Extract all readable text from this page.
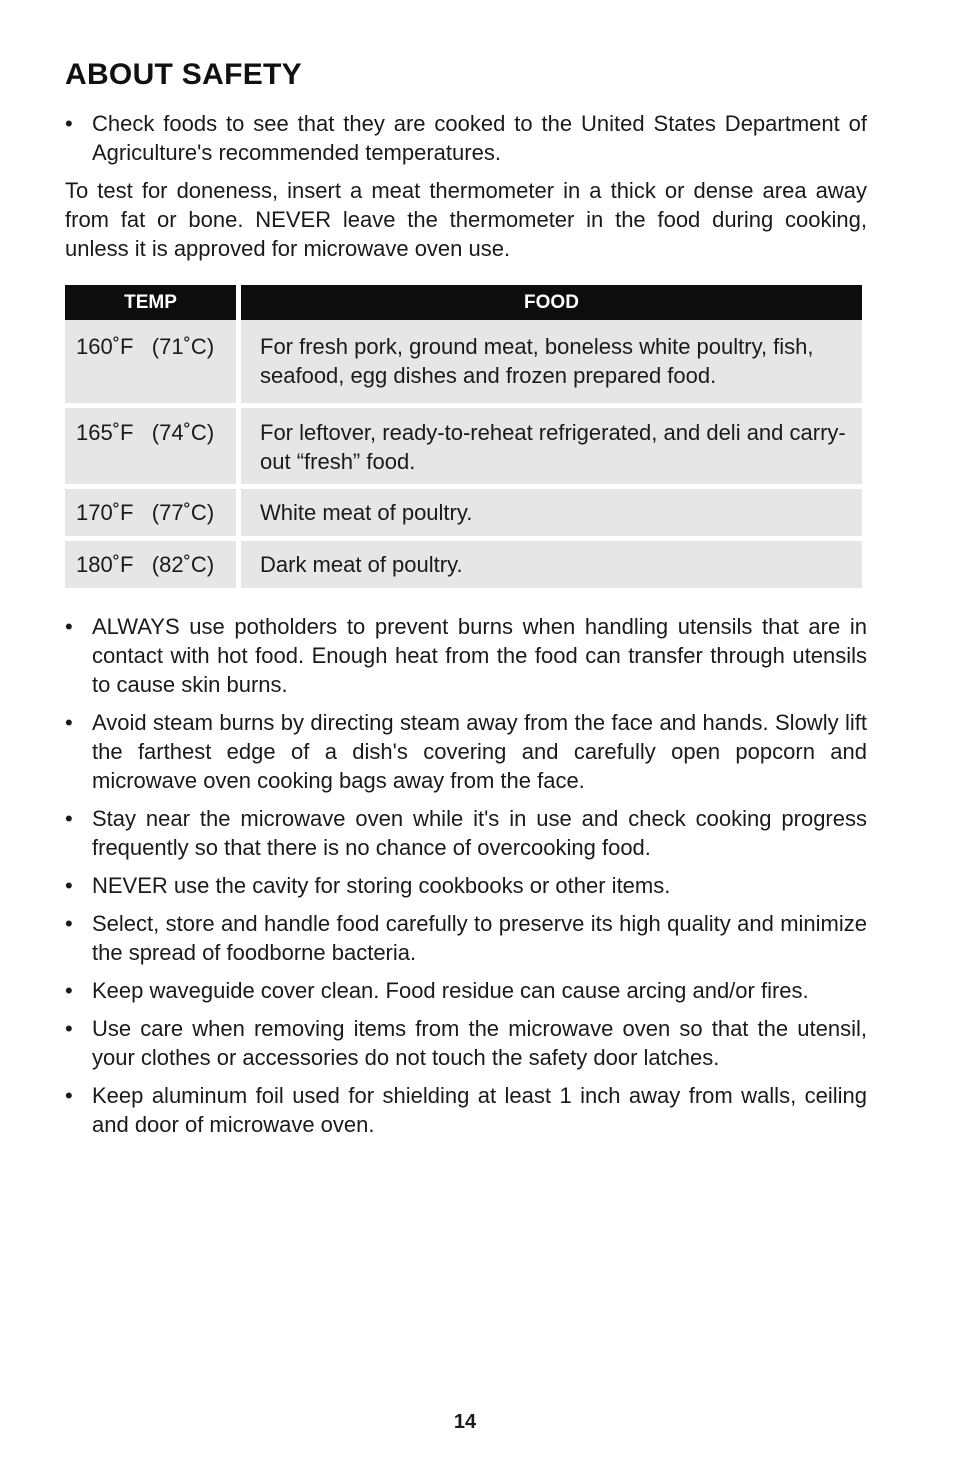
ABOUT SAFETY
• Check foods to see that they are cooked to the United States Department of Agriculture's recommended temperatures.

To test for doneness, insert a meat thermometer in a thick or dense area away from fat or bone. NEVER leave the thermometer in the food during cooking, unless it is approved for microwave oven use.

TEMP	FOOD
160˚F   (71˚C)	For fresh pork, ground meat, boneless white poultry, fish, seafood, egg dishes and frozen prepared food.
165˚F   (74˚C)	For leftover, ready-to-reheat refrigerated, and deli and carry-out “fresh” food.
170˚F   (77˚C)	White meat of poultry.
180˚F   (82˚C)	Dark meat of poultry.
• ALWAYS use potholders to prevent burns when handling utensils that are in contact with hot food. Enough heat from the food can transfer through utensils to cause skin burns.
• Avoid steam burns by directing steam away from the face and hands. Slowly lift the farthest edge of a dish's covering and carefully open popcorn and microwave oven cooking bags away from the face.
• Stay near the microwave oven while it's in use and check cooking progress frequently so that there is no chance of overcooking food.
• NEVER use the cavity for storing cookbooks or other items.
• Select, store and handle food carefully to preserve its high quality and minimize the spread of foodborne bacteria.
• Keep waveguide cover clean. Food residue can cause arcing and/or fires.
• Use care when removing items from the microwave oven so that the utensil, your clothes or accessories do not touch the safety door latches.
• Keep aluminum foil used for shielding at least 1 inch away from walls, ceiling and door of microwave oven.
14
